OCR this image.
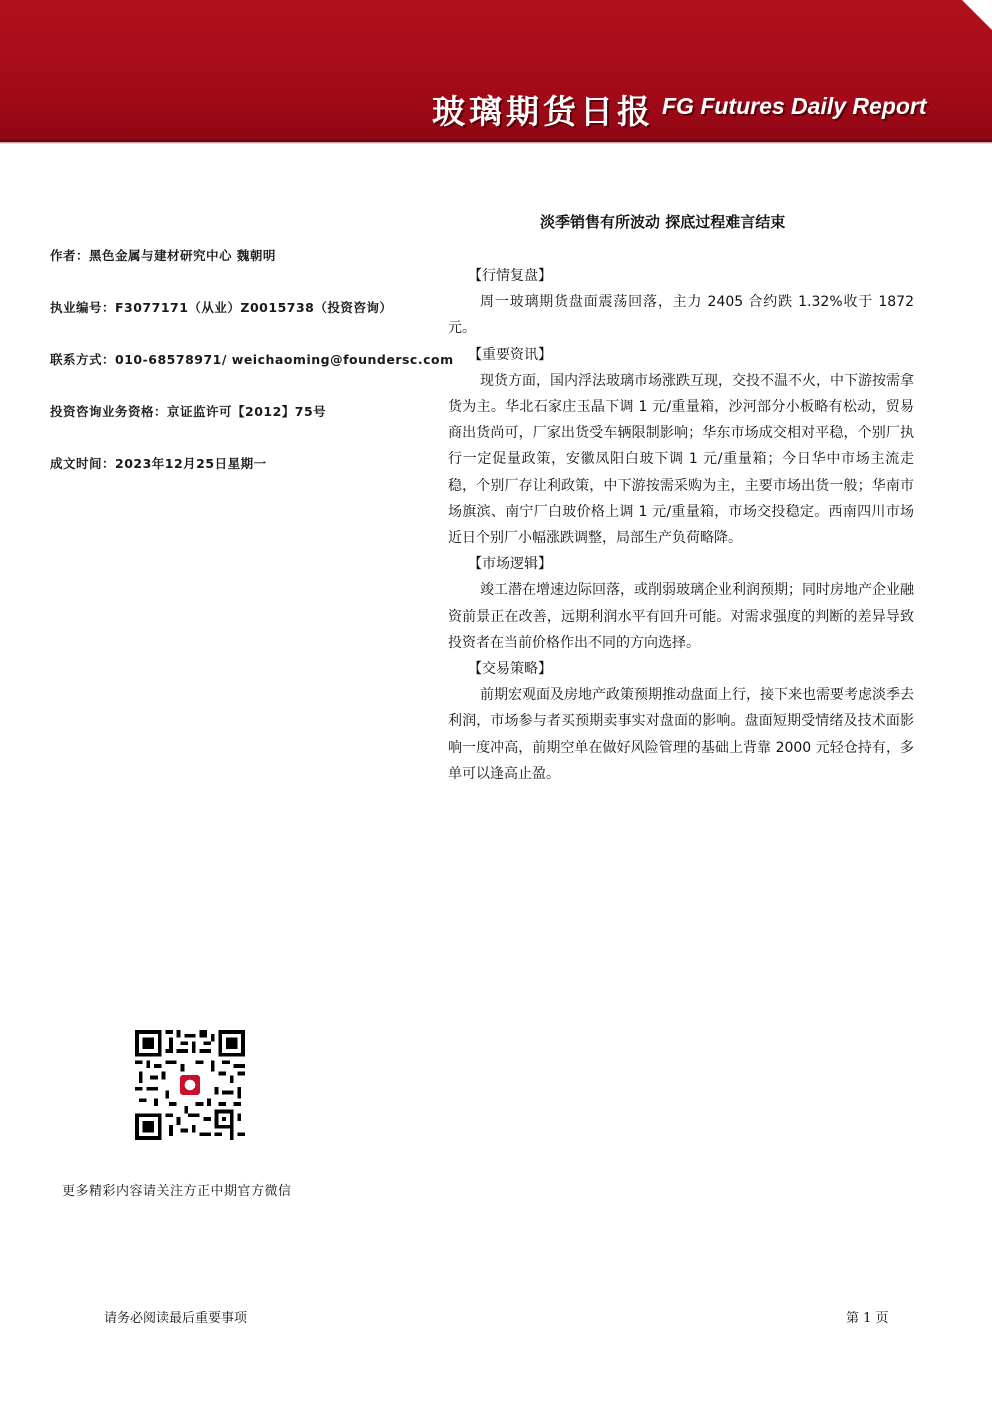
玻璃期货日报 FG Futures Daily Report
作者：黑色金属与建材研究中心 魏朝明
执业编号：F3077171（从业）Z0015738（投资咨询）
联系方式：010-68578971/ weichaoming@foundersc.com
投资咨询业务资格：京证监许可【2012】75号
成文时间：2023年12月25日星期一
淡季销售有所波动 探底过程难言结束
【行情复盘】

周一玻璃期货盘面震荡回落，主力 2405 合约跌 1.32%收于 1872 元。

【重要资讯】

现货方面，国内浮法玻璃市场涨跌互现，交投不温不火，中下游按需拿货为主。华北石家庄玉晶下调 1 元/重量箱，沙河部分小板略有松动，贸易商出货尚可，厂家出货受车辆限制影响；华东市场成交相对平稳，个别厂执行一定促量政策，安徽凤阳白玻下调 1 元/重量箱；今日华中市场主流走稳，个别厂存让利政策，中下游按需采购为主，主要市场出货一般；华南市场旗滨、南宁厂白玻价格上调 1 元/重量箱，市场交投稳定。西南四川市场近日个别厂小幅涨跌调整，局部生产负荷略降。

【市场逻辑】

竣工潜在增速边际回落，或削弱玻璃企业利润预期；同时房地产企业融资前景正在改善，远期利润水平有回升可能。对需求强度的判断的差异导致投资者在当前价格作出不同的方向选择。

【交易策略】

前期宏观面及房地产政策预期推动盘面上行，接下来也需要考虑淡季去利润，市场参与者买预期卖事实对盘面的影响。盘面短期受情绪及技术面影响一度冲高，前期空单在做好风险管理的基础上背靠 2000 元轻仓持有，多单可以逢高止盈。

更多精彩内容请关注方正中期官方微信
请务必阅读最后重要事项	第 1 页
